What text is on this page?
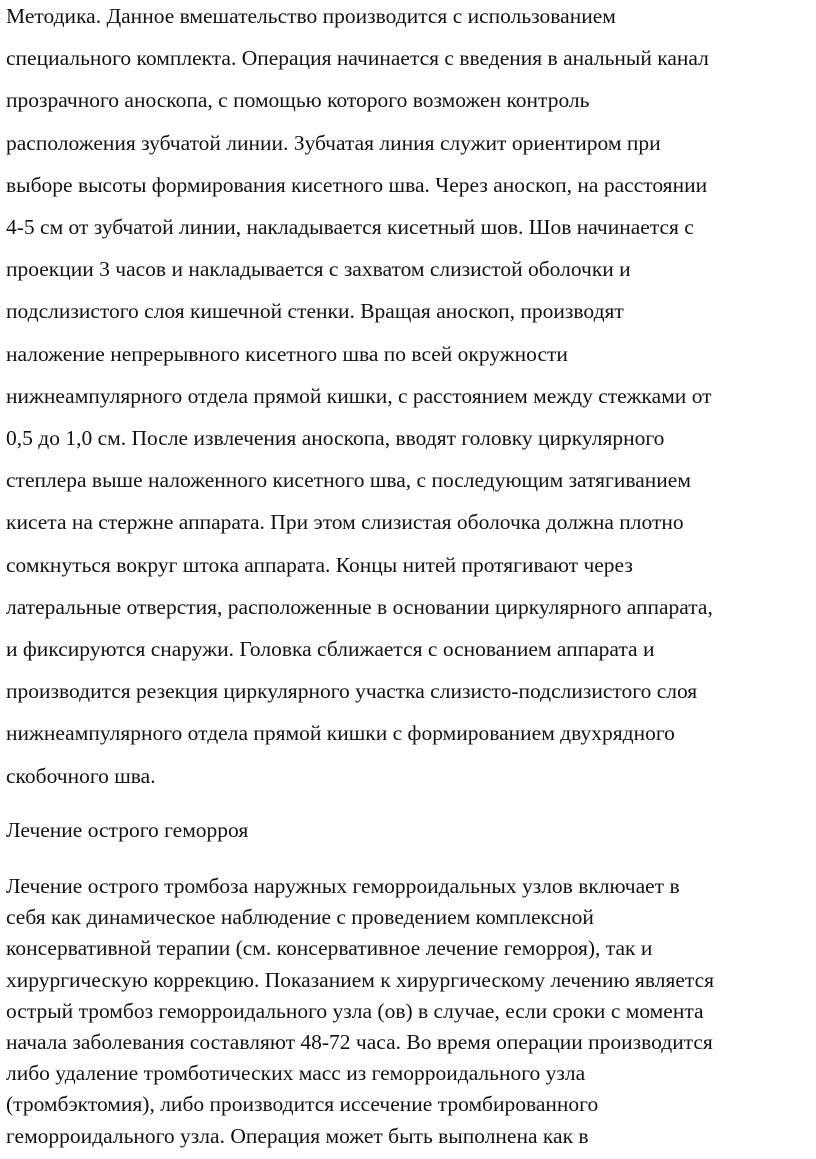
Методика. Данное вмешательство производится с использованием
специального комплекта. Операция начинается с введения в анальный канал
прозрачного аноскопа, с помощью которого возможен контроль
расположения зубчатой линии. Зубчатая линия служит ориентиром при
выборе высоты формирования кисетного шва. Через аноскоп, на расстоянии
4-5 см от зубчатой линии, накладывается кисетный шов. Шов начинается с
проекции 3 часов и накладывается с захватом слизистой оболочки и
подслизистого слоя кишечной стенки. Вращая аноскоп, производят
наложение непрерывного кисетного шва по всей окружности
нижнеампулярного отдела прямой кишки, с расстоянием между стежками от
0,5 до 1,0 см. После извлечения аноскопа, вводят головку циркулярного
степлера выше наложенного кисетного шва, с последующим затягиванием
кисета на стержне аппарата. При этом слизистая оболочка должна плотно
сомкнуться вокруг штока аппарата. Концы нитей протягивают через
латеральные отверстия, расположенные в основании циркулярного аппарата,
и фиксируются снаружи. Головка сближается с основанием аппарата и
производится резекция циркулярного участка слизисто-подслизистого слоя
нижнеампулярного отдела прямой кишки с формированием двухрядного
скобочного шва.
Лечение острого геморроя
Лечение острого тромбоза наружных геморроидальных узлов включает в
себя как динамическое наблюдение с проведением комплексной
консервативной терапии (см. консервативное лечение геморроя), так и
хирургическую коррекцию. Показанием к хирургическому лечению является
острый тромбоз геморроидального узла (ов) в случае, если сроки с момента
начала заболевания составляют 48-72 часа. Во время операции производится
либо удаление тромботических масс из геморроидального узла
(тромбэктомия), либо производится иссечение тромбированного
геморроидального узла. Операция может быть выполнена как в
